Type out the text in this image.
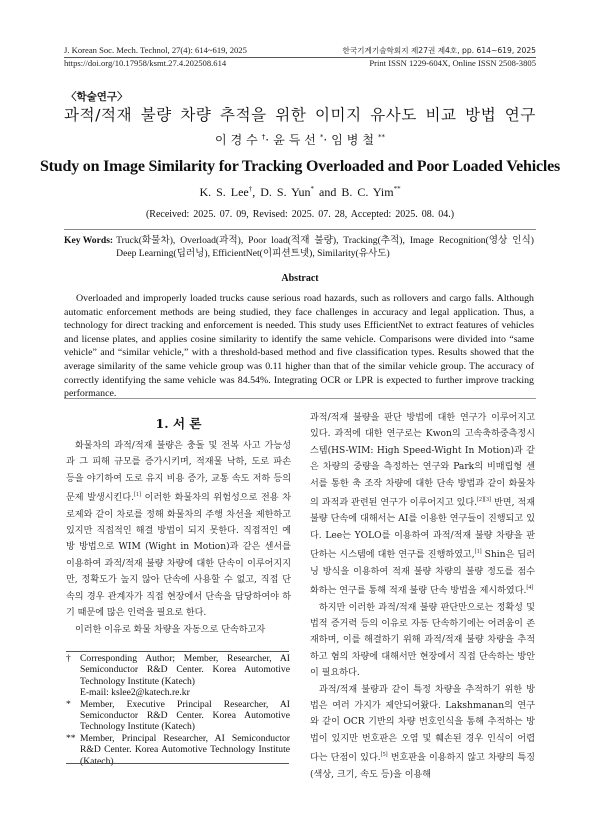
J. Korean Soc. Mech. Technol, 27(4): 614~619, 2025	한국기계기술학회지 제27권 제4호, pp. 614~619, 2025
https://doi.org/10.17958/ksmt.27.4.202508.614	Print ISSN 1229-604X, Online ISSN 2508-3805
〈학술연구〉
과적/적재 불량 차량 추적을 위한 이미지 유사도 비교 방법 연구
이경수†·윤득선*·임병철**
Study on Image Similarity for Tracking Overloaded and Poor Loaded Vehicles
K. S. Lee†, D. S. Yun* and B. C. Yim**
(Received: 2025. 07. 09, Revised: 2025. 07. 28, Accepted: 2025. 08. 04.)
Key Words: Truck(화물차), Overload(과적), Poor load(적재 불량), Tracking(추적), Image Recognition(영상 인식) Deep Learning(딥러닝), EfficientNet(이피션트넷), Similarity(유사도)
Abstract
Overloaded and improperly loaded trucks cause serious road hazards, such as rollovers and cargo falls. Although automatic enforcement methods are being studied, they face challenges in accuracy and legal application. Thus, a technology for direct tracking and enforcement is needed. This study uses EfficientNet to extract features of vehicles and license plates, and applies cosine similarity to identify the same vehicle. Comparisons were divided into “same vehicle” and “similar vehicle,” with a threshold-based method and five classification types. Results showed that the average similarity of the same vehicle group was 0.11 higher than that of the similar vehicle group. The accuracy of correctly identifying the same vehicle was 84.54%. Integrating OCR or LPR is expected to further improve tracking performance.
1. 서 론

화물차의 과적/적재 불량은 충돌 및 전복 사고 가능성과 그 피해 규모를 증가시키며, 적재물 낙하, 도로 파손 등을 야기하여 도로 유지 비용 증가, 교통 속도 저하 등의 문제 발생시킨다.[1] 이러한 화물차의 위험성으로 전용 차로제와 같이 차로를 정해 화물차의 주행 차선을 제한하고 있지만 직접적인 해결 방법이 되지 못한다. 직접적인 예방 방법으로 WIM (Wight in Motion)과 같은 센서를 이용하여 과적/적재 불량 차량에 대한 단속이 이루어지지만, 정확도가 높지 않아 단속에 사용할 수 없고, 직접 단속의 경우 관계자가 직접 현장에서 단속을 담당하여야 하기 때문에 많은 인력을 필요로 한다.

이러한 이유로 화물 차량을 자동으로 단속하고자

과적/적재 불량을 판단 방법에 대한 연구가 이루어지고 있다. 과적에 대한 연구로는 Kwon의 고속축하중측정시스템(HS-WIM: High Speed-Wight In Motion)과 같은 차량의 중량을 측정하는 연구와 Park의 비매립형 센서를 통한 축 조작 차량에 대한 단속 방법과 같이 화물차의 과적과 관련된 연구가 이루어지고 있다.[2][3] 반면, 적재 불량 단속에 대해서는 AI를 이용한 연구들이 진행되고 있다. Lee는 YOLO를 이용하여 과적/적재 불량 차량을 판단하는 시스템에 대한 연구를 진행하였고,[1] Shin은 딥러닝 방식을 이용하여 적재 불량 차량의 불량 정도를 점수화하는 연구를 통해 적재 불량 단속 방법을 제시하였다.[4]

하지만 이러한 과적/적재 불량 판단만으로는 정확성 및 법적 증거력 등의 이유로 자동 단속하기에는 어려움이 존재하며, 이를 해결하기 위해 과적/적재 불량 차량을 추적하고 혐의 차량에 대해서만 현장에서 직접 단속하는 방안이 필요하다.

과적/적재 불량과 같이 특정 차량을 추적하기 위한 방법은 여러 가지가 제안되어왔다. Lakshmanan의 연구와 같이 OCR 기반의 차량 번호인식을 통해 추적하는 방법이 있지만 번호판은 오염 및 훼손된 경우 인식이 어렵다는 단점이 있다.[5] 번호판을 이용하지 않고 차량의 특징(색상, 크기, 속도 등)을 이용해

† Corresponding Author; Member, Researcher, AI Semiconductor R&D Center. Korea Automotive Technology Institute (Katech)
E-mail: kslee2@katech.re.kr
* Member, Executive Principal Researcher, AI Semiconductor R&D Center. Korea Automotive Technology Institute (Katech)
** Member, Principal Researcher, AI Semiconductor R&D Center. Korea Automotive Technology Institute (Katech)
